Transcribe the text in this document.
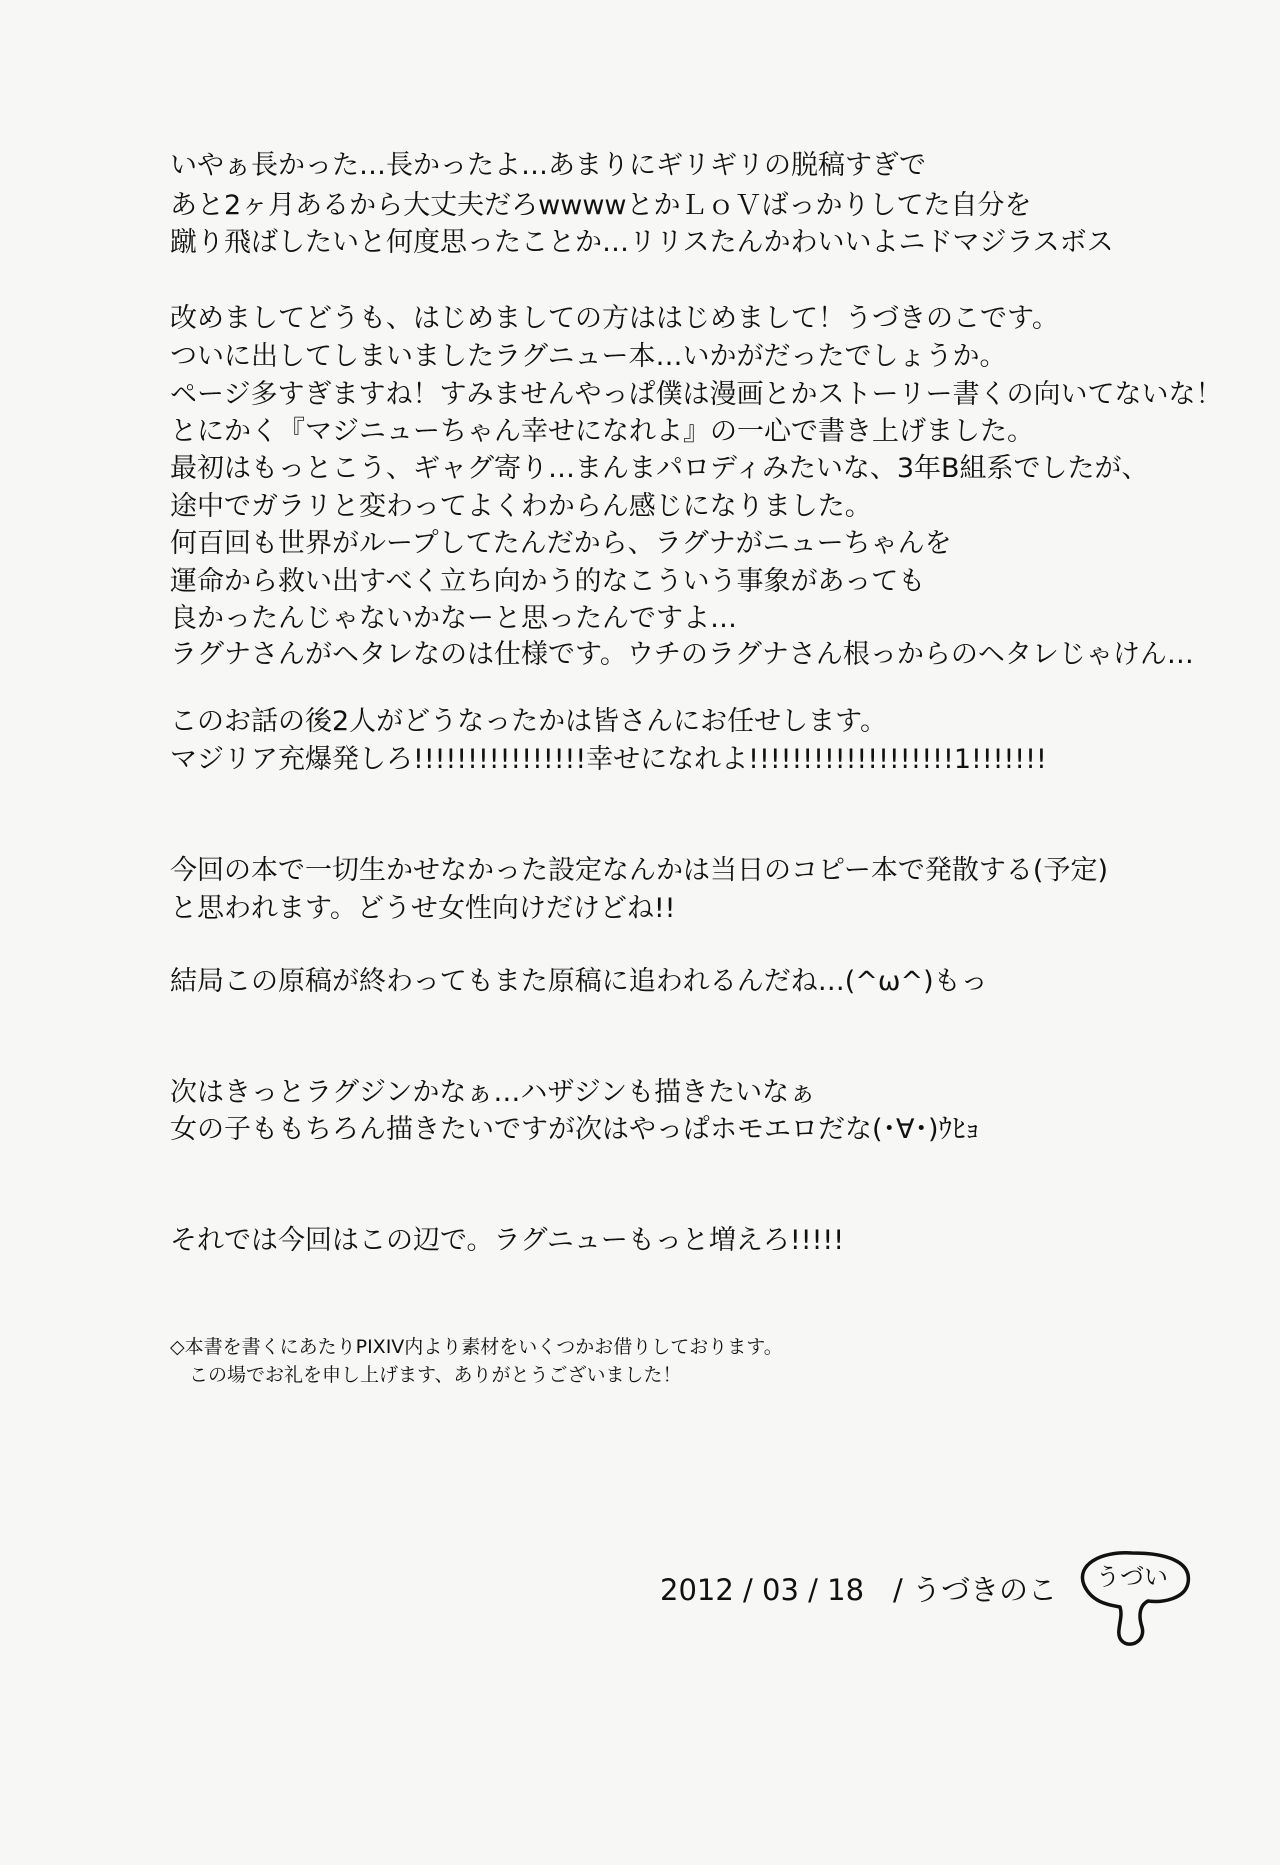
いやぁ長かった…長かったよ…あまりにギリギリの脱稿すぎで
あと2ヶ月あるから大丈夫だろwwwwとかＬｏＶばっかりしてた自分を
蹴り飛ばしたいと何度思ったことか…リリスたんかわいいよニドマジラスボス
改めましてどうも、はじめましての方ははじめまして！うづきのこです。
ついに出してしまいましたラグニュー本…いかがだったでしょうか。
ページ多すぎますね！すみませんやっぱ僕は漫画とかストーリー書くの向いてないな！
とにかく『マジニューちゃん幸せになれよ』の一心で書き上げました。
最初はもっとこう、ギャグ寄り…まんまパロディみたいな、3年B組系でしたが、
途中でガラリと変わってよくわからん感じになりました。
何百回も世界がループしてたんだから、ラグナがニューちゃんを
運命から救い出すべく立ち向かう的なこういう事象があっても
良かったんじゃないかなーと思ったんですよ…
ラグナさんがヘタレなのは仕様です。ウチのラグナさん根っからのヘタレじゃけん…
このお話の後2人がどうなったかは皆さんにお任せします。
マジリア充爆発しろ!!!!!!!!!!!!!!!!幸せになれよ!!!!!!!!!!!!!!!!!!!1!!!!!!!
今回の本で一切生かせなかった設定なんかは当日のコピー本で発散する(予定)
と思われます。どうせ女性向けだけどね!!
結局この原稿が終わってもまた原稿に追われるんだね…(^ω^)もっ
次はきっとラグジンかなぁ…ハザジンも描きたいなぁ
女の子ももちろん描きたいですが次はやっぱホモエロだな(･∀･)ｳﾋｮ
それでは今回はこの辺で。ラグニューもっと増えろ!!!!!
◇本書を書くにあたりPIXIV内より素材をいくつかお借りしております。
　この場でお礼を申し上げます、ありがとうございました！
2012 / 03 / 18　/ うづきのこ うづい
